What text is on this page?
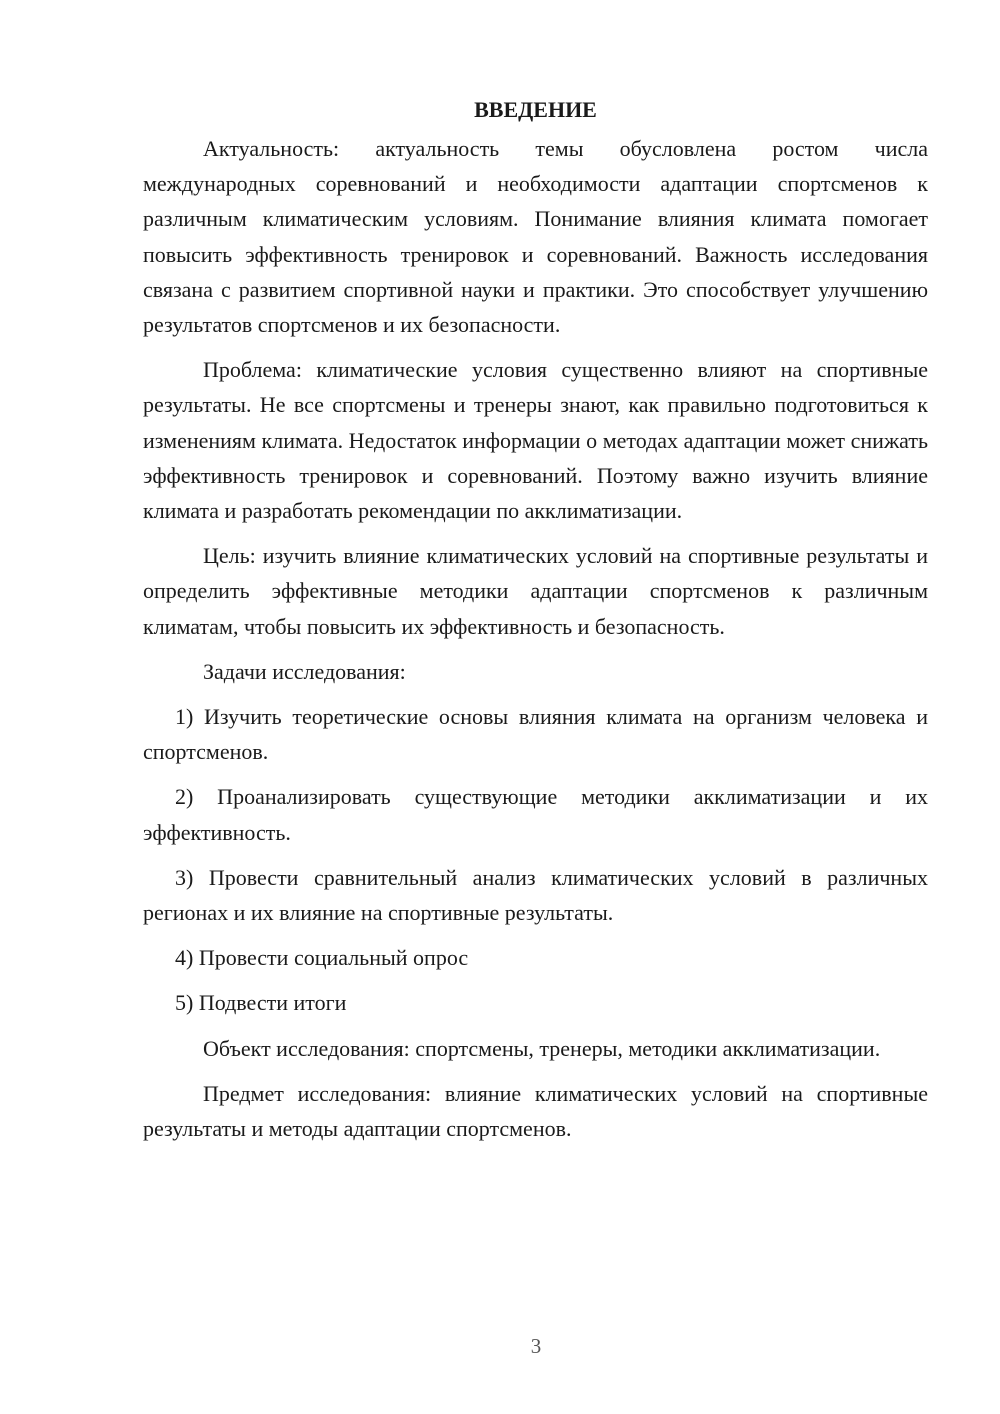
ВВЕДЕНИЕ

Актуальность: актуальность темы обусловлена ростом числа международных соревнований и необходимости адаптации спортсменов к различным климатическим условиям. Понимание влияния климата помогает повысить эффективность тренировок и соревнований. Важность исследования связана с развитием спортивной науки и практики. Это способствует улучшению результатов спортсменов и их безопасности.

Проблема: климатические условия существенно влияют на спортивные результаты. Не все спортсмены и тренеры знают, как правильно подготовиться к изменениям климата. Недостаток информации о методах адаптации может снижать эффективность тренировок и соревнований. Поэтому важно изучить влияние климата и разработать рекомендации по акклиматизации.

Цель: изучить влияние климатических условий на спортивные результаты и определить эффективные методики адаптации спортсменов к различным климатам, чтобы повысить их эффективность и безопасность.

Задачи исследования:

1) Изучить теоретические основы влияния климата на организм человека и спортсменов.

2) Проанализировать существующие методики акклиматизации и их эффективность.

3) Провести сравнительный анализ климатических условий в различных регионах и их влияние на спортивные результаты.

4) Провести социальный опрос

5) Подвести итоги

Объект исследования: спортсмены, тренеры, методики акклиматизации.

Предмет исследования: влияние климатических условий на спортивные результаты и методы адаптации спортсменов.

3
